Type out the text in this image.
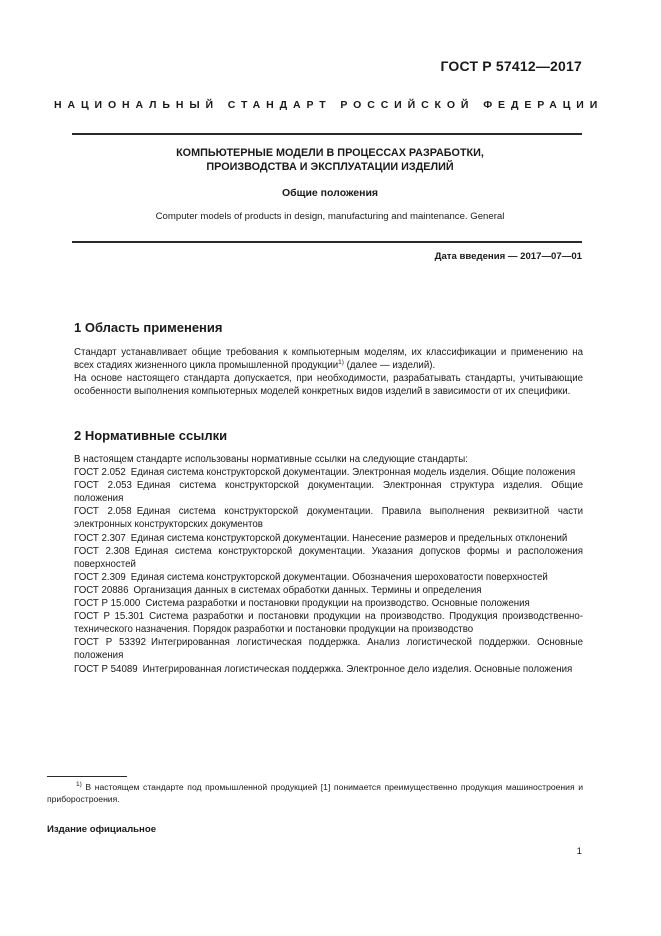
ГОСТ Р 57412—2017
НАЦИОНАЛЬНЫЙ СТАНДАРТ РОССИЙСКОЙ ФЕДЕРАЦИИ
КОМПЬЮТЕРНЫЕ МОДЕЛИ В ПРОЦЕССАХ РАЗРАБОТКИ,
ПРОИЗВОДСТВА И ЭКСПЛУАТАЦИИ ИЗДЕЛИЙ
Общие положения
Computer models of products in design, manufacturing and maintenance. General
Дата введения — 2017—07—01
1 Область применения

Стандарт устанавливает общие требования к компьютерным моделям, их классификации и применению на всех стадиях жизненного цикла промышленной продукции$^{1)}$ (далее — изделий).

На основе настоящего стандарта допускается, при необходимости, разрабатывать стандарты, учитывающие особенности выполнения компьютерных моделей конкретных видов изделий в зависимости от их специфики.

2 Нормативные ссылки

В настоящем стандарте использованы нормативные ссылки на следующие стандарты:

ГОСТ 2.052 Единая система конструкторской документации. Электронная модель изделия. Общие положения

ГОСТ 2.053 Единая система конструкторской документации. Электронная структура изделия. Общие положения

ГОСТ 2.058 Единая система конструкторской документации. Правила выполнения реквизитной части электронных конструкторских документов

ГОСТ 2.307 Единая система конструкторской документации. Нанесение размеров и предельных отклонений

ГОСТ 2.308 Единая система конструкторской документации. Указания допусков формы и расположения поверхностей

ГОСТ 2.309 Единая система конструкторской документации. Обозначения шероховатости поверхностей

ГОСТ 20886 Организация данных в системах обработки данных. Термины и определения

ГОСТ Р 15.000 Система разработки и постановки продукции на производство. Основные положения

ГОСТ Р 15.301 Система разработки и постановки продукции на производство. Продукция производственно-технического назначения. Порядок разработки и постановки продукции на производство

ГОСТ Р 53392 Интегрированная логистическая поддержка. Анализ логистической поддержки. Основные положения

ГОСТ Р 54089 Интегрированная логистическая поддержка. Электронное дело изделия. Основные положения

$^{1)}$ В настоящем стандарте под промышленной продукцией [1] понимается преимущественно продукция машиностроения и приборостроения.
Издание официальное
1
